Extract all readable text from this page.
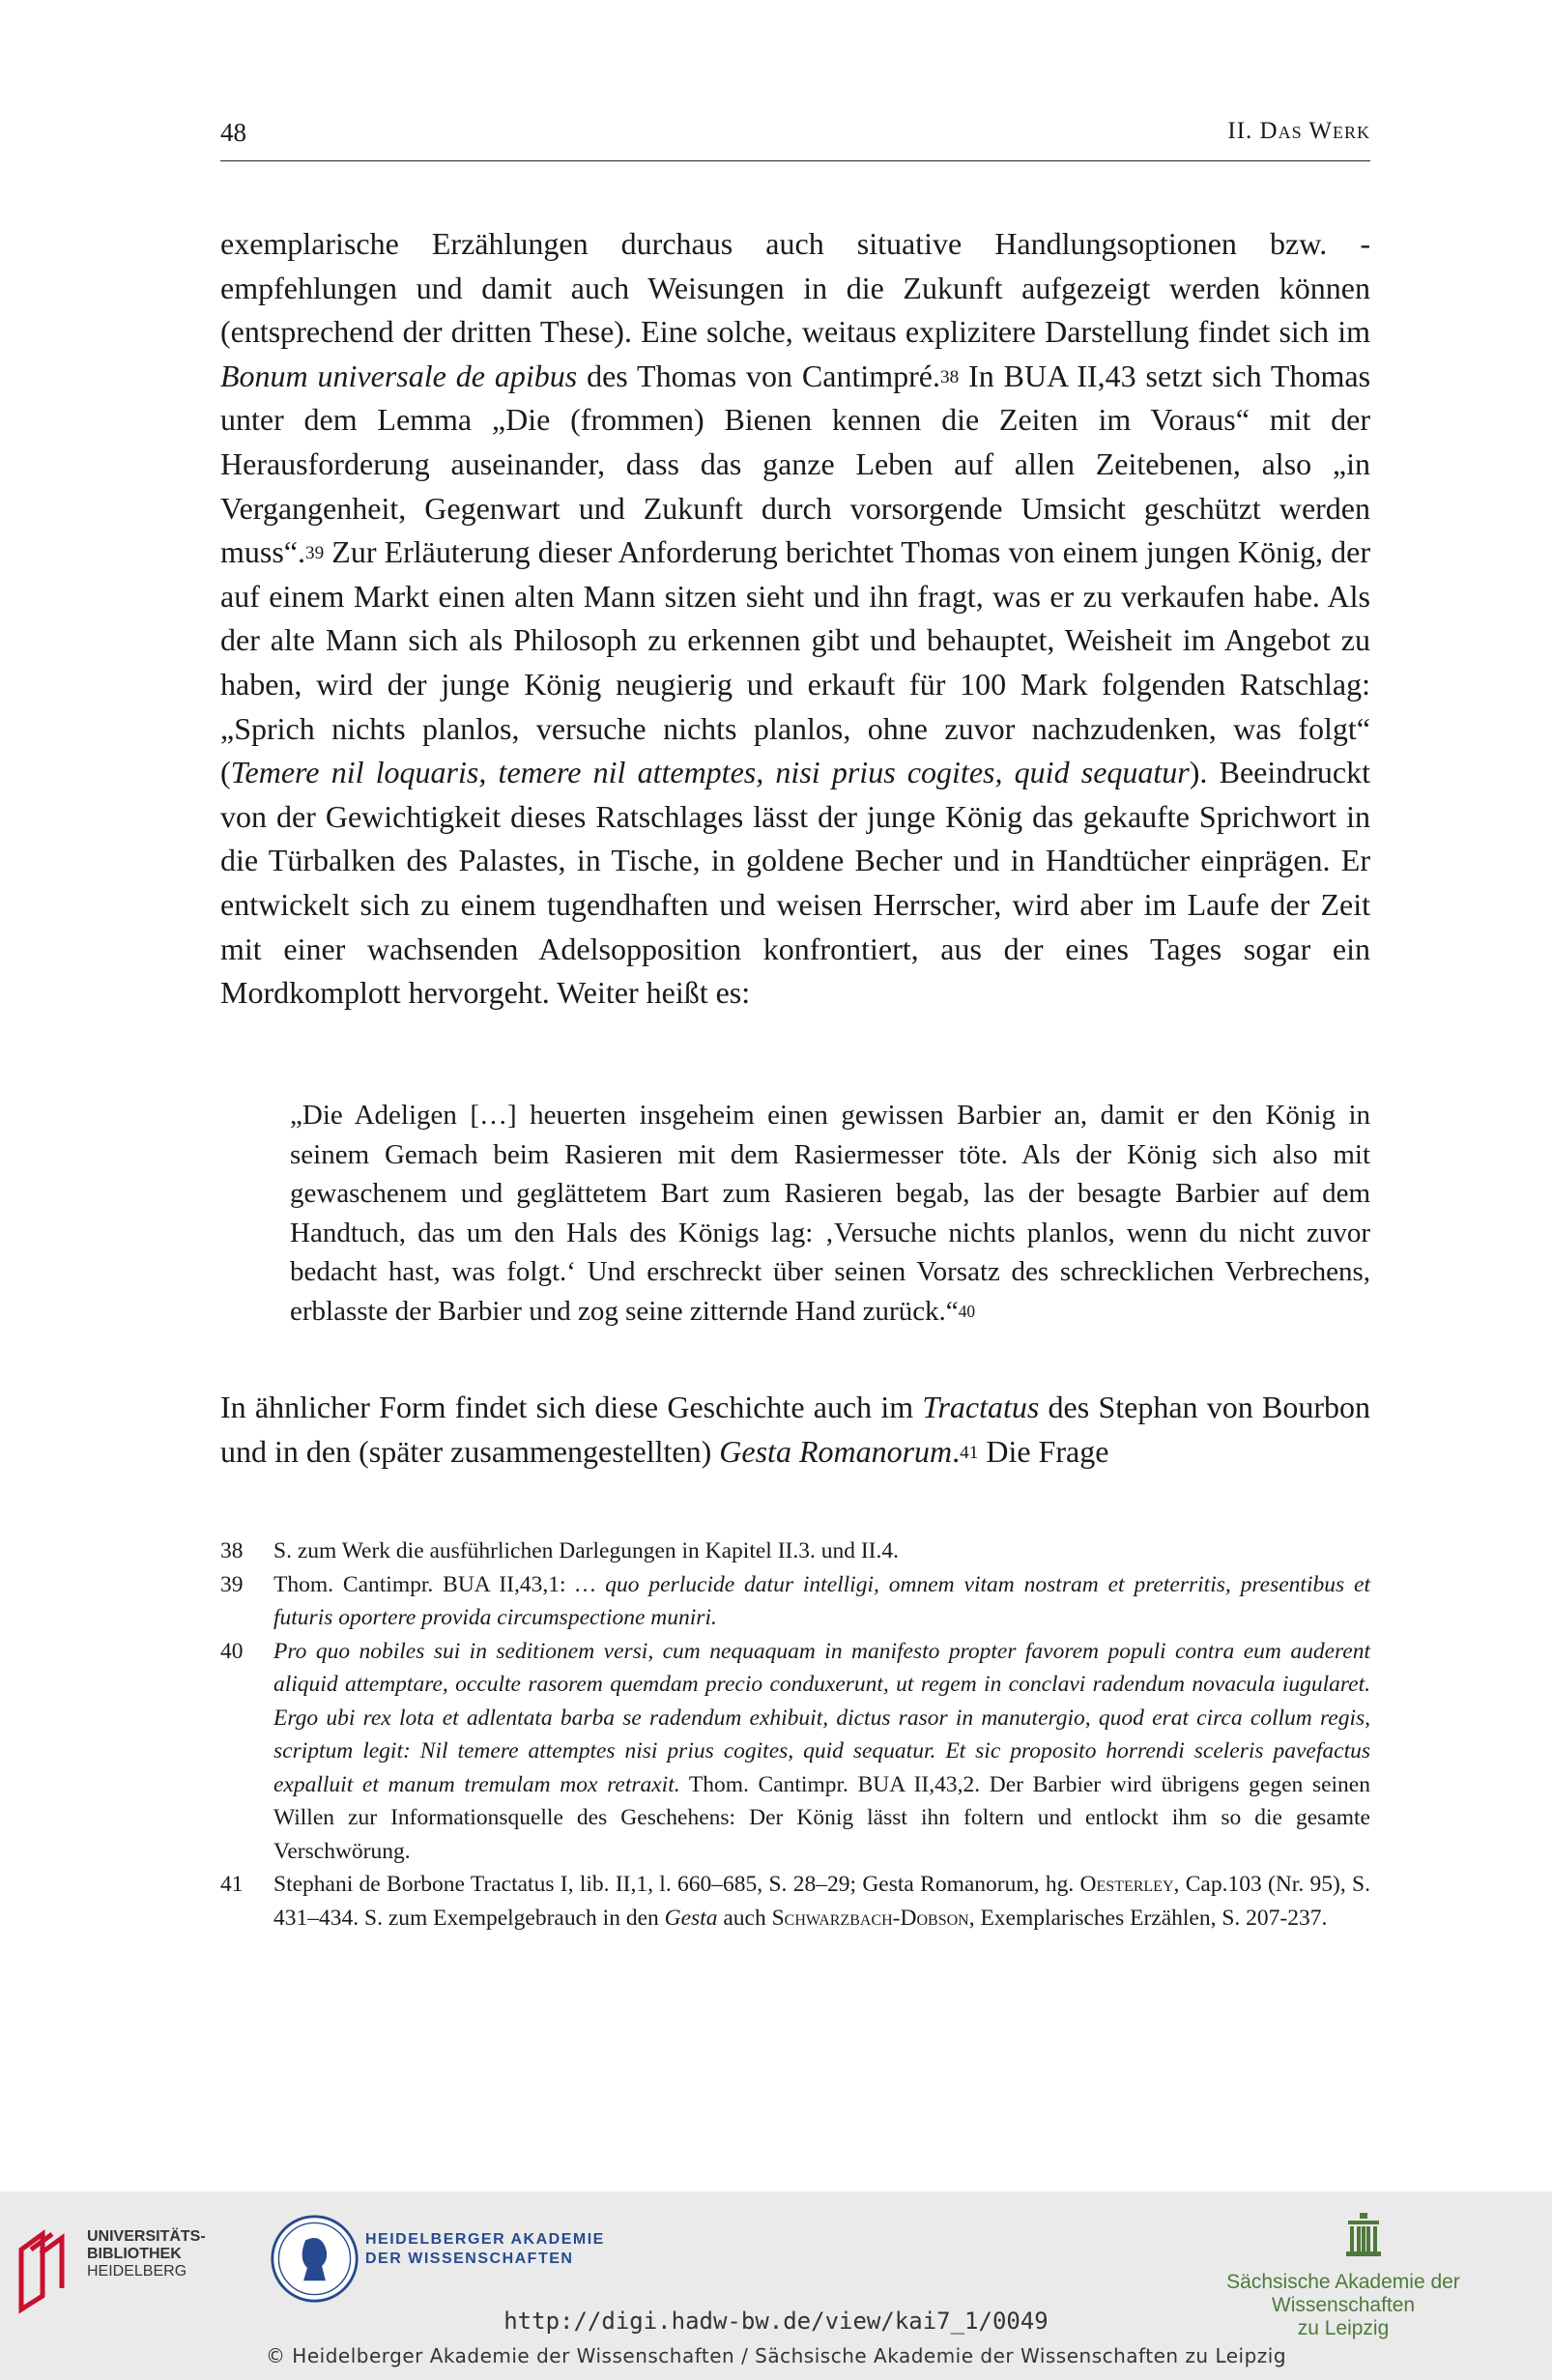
48	II. Das Werk

exemplarische Erzählungen durchaus auch situative Handlungsoptionen bzw. -empfehlungen und damit auch Weisungen in die Zukunft aufgezeigt werden können (entsprechend der dritten These). Eine solche, weitaus explizitere Darstellung findet sich im Bonum universale de apibus des Thomas von Cantimpré.$^{38}$ In BUA II,43 setzt sich Thomas unter dem Lemma „Die (frommen) Bienen kennen die Zeiten im Voraus“ mit der Herausforderung auseinander, dass das ganze Leben auf allen Zeitebenen, also „in Vergangenheit, Gegenwart und Zukunft durch vorsorgende Umsicht geschützt werden muss“.$^{39}$ Zur Erläuterung dieser Anforderung berichtet Thomas von einem jungen König, der auf einem Markt einen alten Mann sitzen sieht und ihn fragt, was er zu verkaufen habe. Als der alte Mann sich als Philosoph zu erkennen gibt und behauptet, Weisheit im Angebot zu haben, wird der junge König neugierig und erkauft für 100 Mark folgenden Ratschlag: „Sprich nichts planlos, versuche nichts planlos, ohne zuvor nachzudenken, was folgt“ (Temere nil loquaris, temere nil attemptes, nisi prius cogites, quid sequatur). Beeindruckt von der Gewichtigkeit dieses Ratschlages lässt der junge König das gekaufte Sprichwort in die Türbalken des Palastes, in Tische, in goldene Becher und in Handtücher einprägen. Er entwickelt sich zu einem tugendhaften und weisen Herrscher, wird aber im Laufe der Zeit mit einer wachsenden Adelsopposition konfrontiert, aus der eines Tages sogar ein Mordkomplott hervorgeht. Weiter heißt es:

„Die Adeligen […] heuerten insgeheim einen gewissen Barbier an, damit er den König in seinem Gemach beim Rasieren mit dem Rasiermesser töte. Als der König sich also mit gewaschenem und geglättetem Bart zum Rasieren begab, las der besagte Barbier auf dem Handtuch, das um den Hals des Königs lag: ‚Versuche nichts planlos, wenn du nicht zuvor bedacht hast, was folgt.‘ Und erschreckt über seinen Vorsatz des schrecklichen Verbrechens, erblasste der Barbier und zog seine zitternde Hand zurück.“$^{40}$

In ähnlicher Form findet sich diese Geschichte auch im Tractatus des Stephan von Bourbon und in den (später zusammengestellten) Gesta Romanorum.$^{41}$ Die Frage

38	S. zum Werk die ausführlichen Darlegungen in Kapitel II.3. und II.4.
39	Thom. Cantimpr. BUA II,43,1: … quo perlucide datur intelligi, omnem vitam nostram et preterritis, presentibus et futuris oportere provida circumspectione muniri.
40	Pro quo nobiles sui in seditionem versi, cum nequaquam in manifesto propter favorem populi contra eum auderent aliquid attemptare, occulte rasorem quemdam precio conduxerunt, ut regem in conclavi radendum novacula iugularet. Ergo ubi rex lota et adlentata barba se radendum exhibuit, dictus rasor in manutergio, quod erat circa collum regis, scriptum legit: Nil temere attemptes nisi prius cogites, quid sequatur. Et sic proposito horrendi sceleris pavefactus expalluit et manum tremulam mox retraxit. Thom. Cantimpr. BUA II,43,2. Der Barbier wird übrigens gegen seinen Willen zur Informationsquelle des Geschehens: Der König lässt ihn foltern und entlockt ihm so die gesamte Verschwörung.
41	Stephani de Borbone Tractatus I, lib. II,1, l. 660–685, S. 28–29; Gesta Romanorum, hg. Oesterley, Cap.103 (Nr. 95), S. 431–434. S. zum Exempelgebrauch in den Gesta auch Schwarzbach-Dobson, Exemplarisches Erzählen, S. 207-237.
UNIVERSITÄTS-
BIBLIOTHEK
HEIDELBERG
HEIDELBERGER AKADEMIE
DER WISSENSCHAFTEN
Sächsische Akademie der Wissenschaften
zu Leipzig
http://digi.hadw-bw.de/view/kai7_1/0049
© Heidelberger Akademie der Wissenschaften / Sächsische Akademie der Wissenschaften zu Leipzig
